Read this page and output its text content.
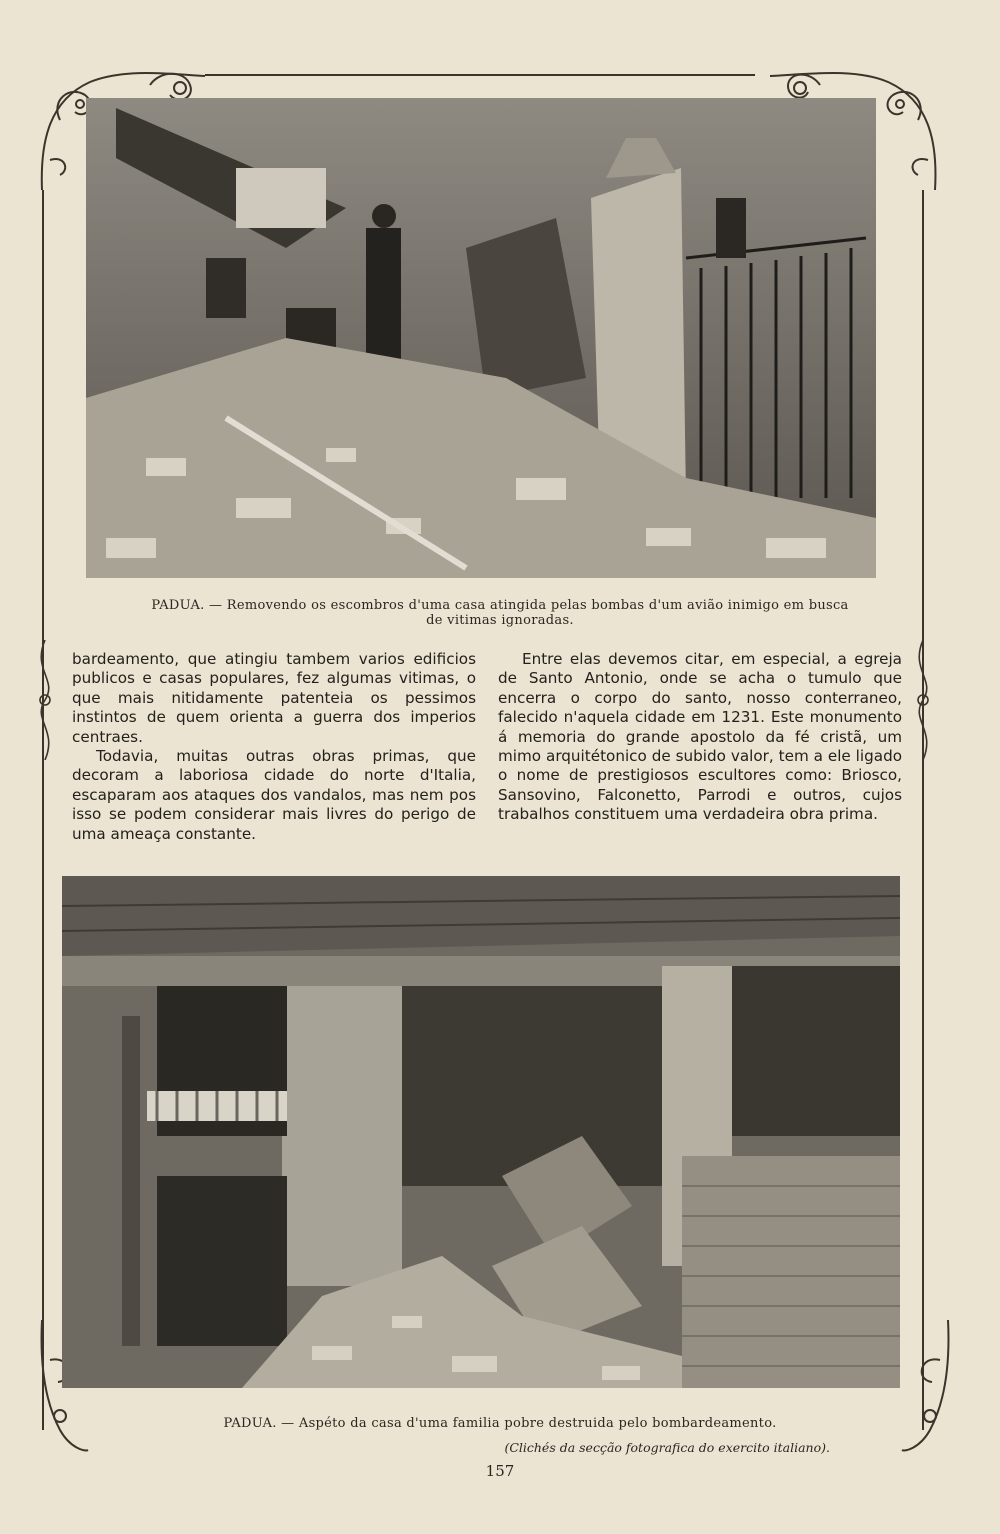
PADUA. — Removendo os escombros d'uma casa atingida pelas bombas d'um avião inimigo em busca
de vitimas ignoradas.

bardeamento, que atingiu tambem varios edificios publicos e casas populares, fez algumas vitimas, o que mais nitidamente patenteia os pessimos instintos de quem orienta a guerra dos imperios centraes.

Todavia, muitas outras obras primas, que decoram a laboriosa cidade do norte d'Italia, escaparam aos ataques dos vandalos, mas nem pos isso se podem considerar mais livres do perigo de uma ameaça constante.

Entre elas devemos citar, em especial, a egreja de Santo Antonio, onde se acha o tumulo que encerra o corpo do santo, nosso conterraneo, falecido n'aquela cidade em 1231. Este monumento á memoria do grande apostolo da fé cristã, um mimo arquitétonico de subido valor, tem a ele ligado o nome de prestigiosos escultores como: Briosco, Sansovino, Falconetto, Parrodi e outros, cujos trabalhos constituem uma verdadeira obra prima.

PADUA. — Aspéto da casa d'uma familia pobre destruida pelo bombardeamento.
(Clichés da secção fotografica do exercito italiano).
157
